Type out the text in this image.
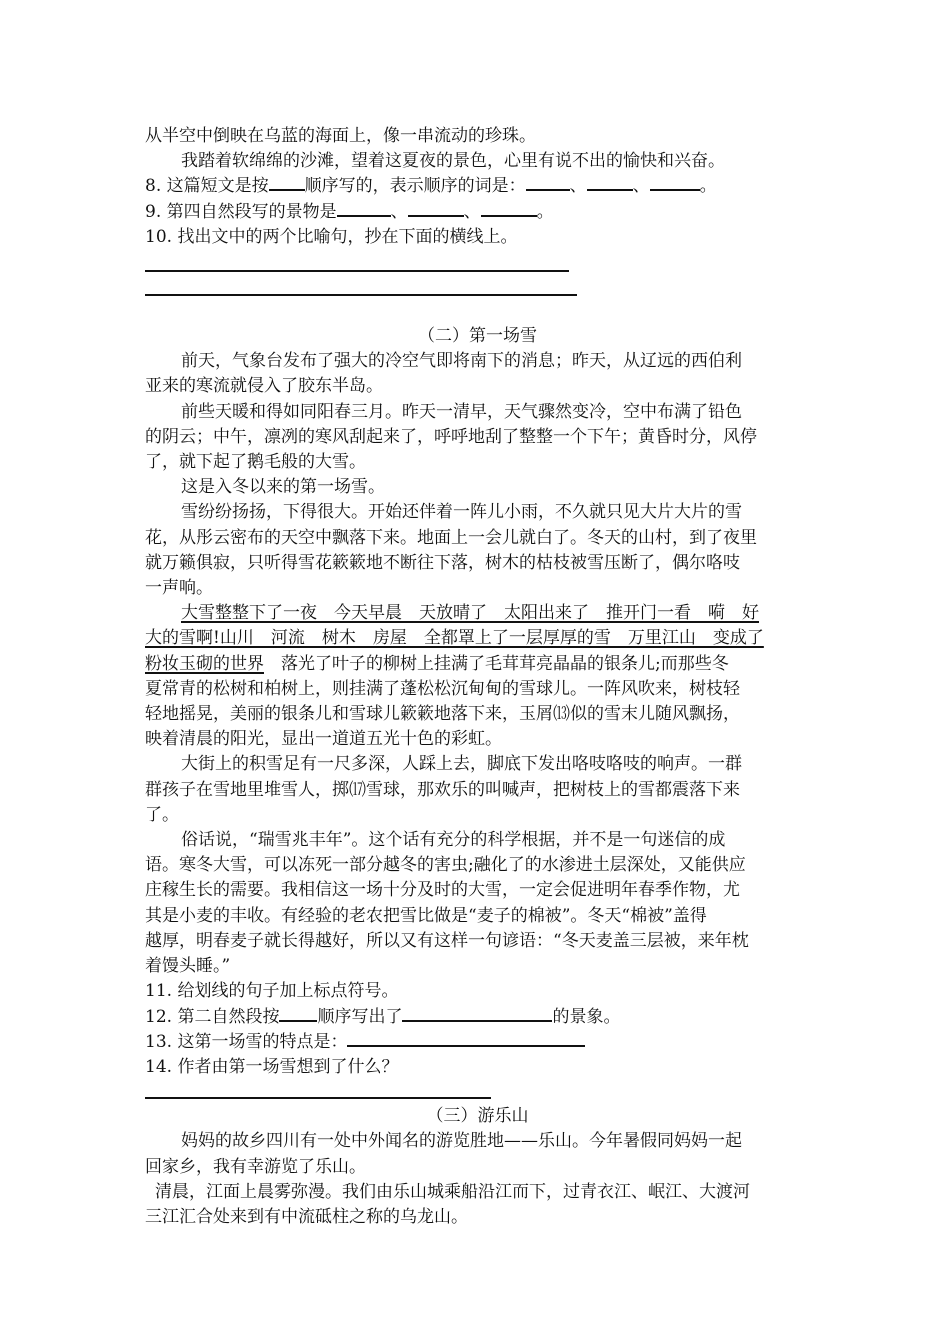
从半空中倒映在乌蓝的海面上，像一串流动的珍珠。

我踏着软绵绵的沙滩，望着这夏夜的景色，心里有说不出的愉快和兴奋。

8. 这篇短文是按 顺序写的，表示顺序的词是：	、	、	。

9. 第四自然段写的景物是	、	、	。

10. 找出文中的两个比喻句，抄在下面的横线上。

（二）第一场雪

前天，气象台发布了强大的冷空气即将南下的消息；昨天，从辽远的西伯利

亚来的寒流就侵入了胶东半岛。

前些天暖和得如同阳春三月。昨天一清早，天气骤然变冷，空中布满了铅色

的阴云；中午，凛冽的寒风刮起来了，呼呼地刮了整整一个下午；黄昏时分，风停

了，就下起了鹅毛般的大雪。

这是入冬以来的第一场雪。

雪纷纷扬扬，下得很大。开始还伴着一阵儿小雨，不久就只见大片大片的雪

花，从彤云密布的天空中飘落下来。地面上一会儿就白了。冬天的山村，到了夜里

就万籁俱寂，只听得雪花簌簌地不断往下落，树木的枯枝被雪压断了，偶尔咯吱

一声响。

大雪整整下了一夜　今天早晨　天放晴了　太阳出来了　推开门一看　嗬　好

大的雪啊!山川　河流　树木　房屋　全都罩上了一层厚厚的雪　万里江山　变成了

粉妆玉砌的世界　落光了叶子的柳树上挂满了毛茸茸亮晶晶的银条儿;而那些冬

夏常青的松树和柏树上，则挂满了蓬松松沉甸甸的雪球儿。一阵风吹来，树枝轻

轻地摇晃，美丽的银条儿和雪球儿簌簌地落下来，玉屑⒀似的雪末儿随风飘扬，

映着清晨的阳光，显出一道道五光十色的彩虹。

大街上的积雪足有一尺多深，人踩上去，脚底下发出咯吱咯吱的响声。一群

群孩子在雪地里堆雪人，掷⒄雪球，那欢乐的叫喊声，把树枝上的雪都震落下来

了。

俗话说，“瑞雪兆丰年”。这个话有充分的科学根据，并不是一句迷信的成

语。寒冬大雪，可以冻死一部分越冬的害虫;融化了的水渗进土层深处，又能供应

庄稼生长的需要。我相信这一场十分及时的大雪，一定会促进明年春季作物，尤

其是小麦的丰收。有经验的老农把雪比做是“麦子的棉被”。冬天“棉被”盖得

越厚，明春麦子就长得越好，所以又有这样一句谚语：“冬天麦盖三层被，来年枕

着馒头睡。”

11. 给划线的句子加上标点符号。

12. 第二自然段按 顺序写出了	的景象。

13. 这第一场雪的特点是：

14. 作者由第一场雪想到了什么？

（三）游乐山

妈妈的故乡四川有一处中外闻名的游览胜地——乐山。今年暑假同妈妈一起

回家乡，我有幸游览了乐山。

清晨，江面上晨雾弥漫。我们由乐山城乘船沿江而下，过青衣江、岷江、大渡河

三江汇合处来到有中流砥柱之称的乌龙山。
